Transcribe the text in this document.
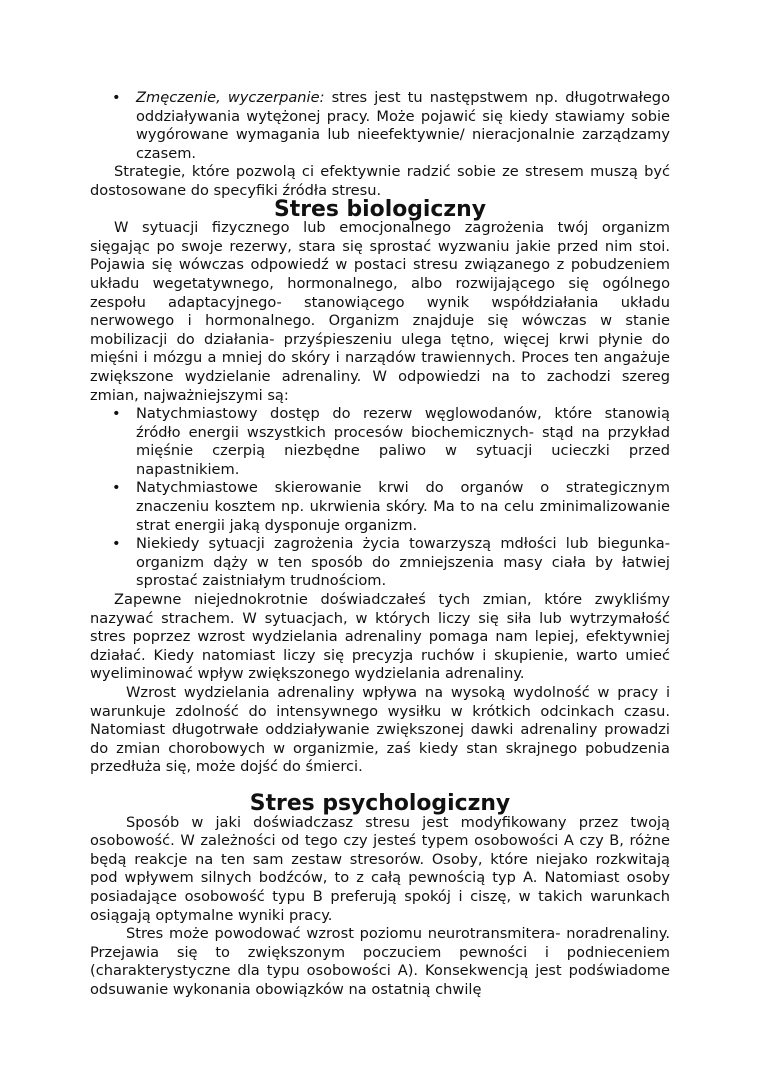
• Zmęczenie, wyczerpanie: stres jest tu następstwem np. długotrwałego oddziaływania wytężonej pracy. Może pojawić się kiedy stawiamy sobie wygórowane wymagania lub nieefektywnie/ nieracjonalnie zarządzamy czasem.

Strategie, które pozwolą ci efektywnie radzić sobie ze stresem muszą być dostosowane do specyfiki źródła stresu.

Stres biologiczny

W sytuacji fizycznego lub emocjonalnego zagrożenia twój organizm sięgając po swoje rezerwy, stara się sprostać wyzwaniu jakie przed nim stoi. Pojawia się wówczas odpowiedź w postaci stresu związanego z pobudzeniem układu wegetatywnego, hormonalnego, albo rozwijającego się ogólnego zespołu adaptacyjnego- stanowiącego wynik współdziałania układu nerwowego i hormonalnego. Organizm znajduje się wówczas w stanie mobilizacji do działania- przyśpieszeniu ulega tętno, więcej krwi płynie do mięśni i mózgu a mniej do skóry i narządów trawiennych. Proces ten angażuje zwiększone wydzielanie adrenaliny. W odpowiedzi na to zachodzi szereg zmian, najważniejszymi są:

• Natychmiastowy dostęp do rezerw węglowodanów, które stanowią źródło energii wszystkich procesów biochemicznych- stąd na przykład mięśnie czerpią niezbędne paliwo w sytuacji ucieczki przed napastnikiem.
• Natychmiastowe skierowanie krwi do organów o strategicznym znaczeniu kosztem np. ukrwienia skóry. Ma to na celu zminimalizowanie strat energii jaką dysponuje organizm.
• Niekiedy sytuacji zagrożenia życia towarzyszą mdłości lub biegunka- organizm dąży w ten sposób do zmniejszenia masy ciała by łatwiej sprostać zaistniałym trudnościom.

Zapewne niejednokrotnie doświadczałeś tych zmian, które zwykliśmy nazywać strachem. W sytuacjach, w których liczy się siła lub wytrzymałość stres poprzez wzrost wydzielania adrenaliny pomaga nam lepiej, efektywniej działać. Kiedy natomiast liczy się precyzja ruchów i skupienie, warto umieć wyeliminować wpływ zwiększonego wydzielania adrenaliny.

Wzrost wydzielania adrenaliny wpływa na wysoką wydolność w pracy i warunkuje zdolność do intensywnego wysiłku w krótkich odcinkach czasu. Natomiast długotrwałe oddziaływanie zwiększonej dawki adrenaliny prowadzi do zmian chorobowych w organizmie, zaś kiedy stan skrajnego pobudzenia przedłuża się, może dojść do śmierci.

Stres psychologiczny

Sposób w jaki doświadczasz stresu jest modyfikowany przez twoją osobowość. W zależności od tego czy jesteś typem osobowości A czy B, różne będą reakcje na ten sam zestaw stresorów. Osoby, które niejako rozkwitają pod wpływem silnych bodźców, to z całą pewnością typ A. Natomiast osoby posiadające osobowość typu B preferują spokój i ciszę, w takich warunkach osiągają optymalne wyniki pracy.

Stres może powodować wzrost poziomu neurotransmitera- noradrenaliny. Przejawia się to zwiększonym poczuciem pewności i podnieceniem (charakterystyczne dla typu osobowości A). Konsekwencją jest podświadome odsuwanie wykonania obowiązków na ostatnią chwilę
